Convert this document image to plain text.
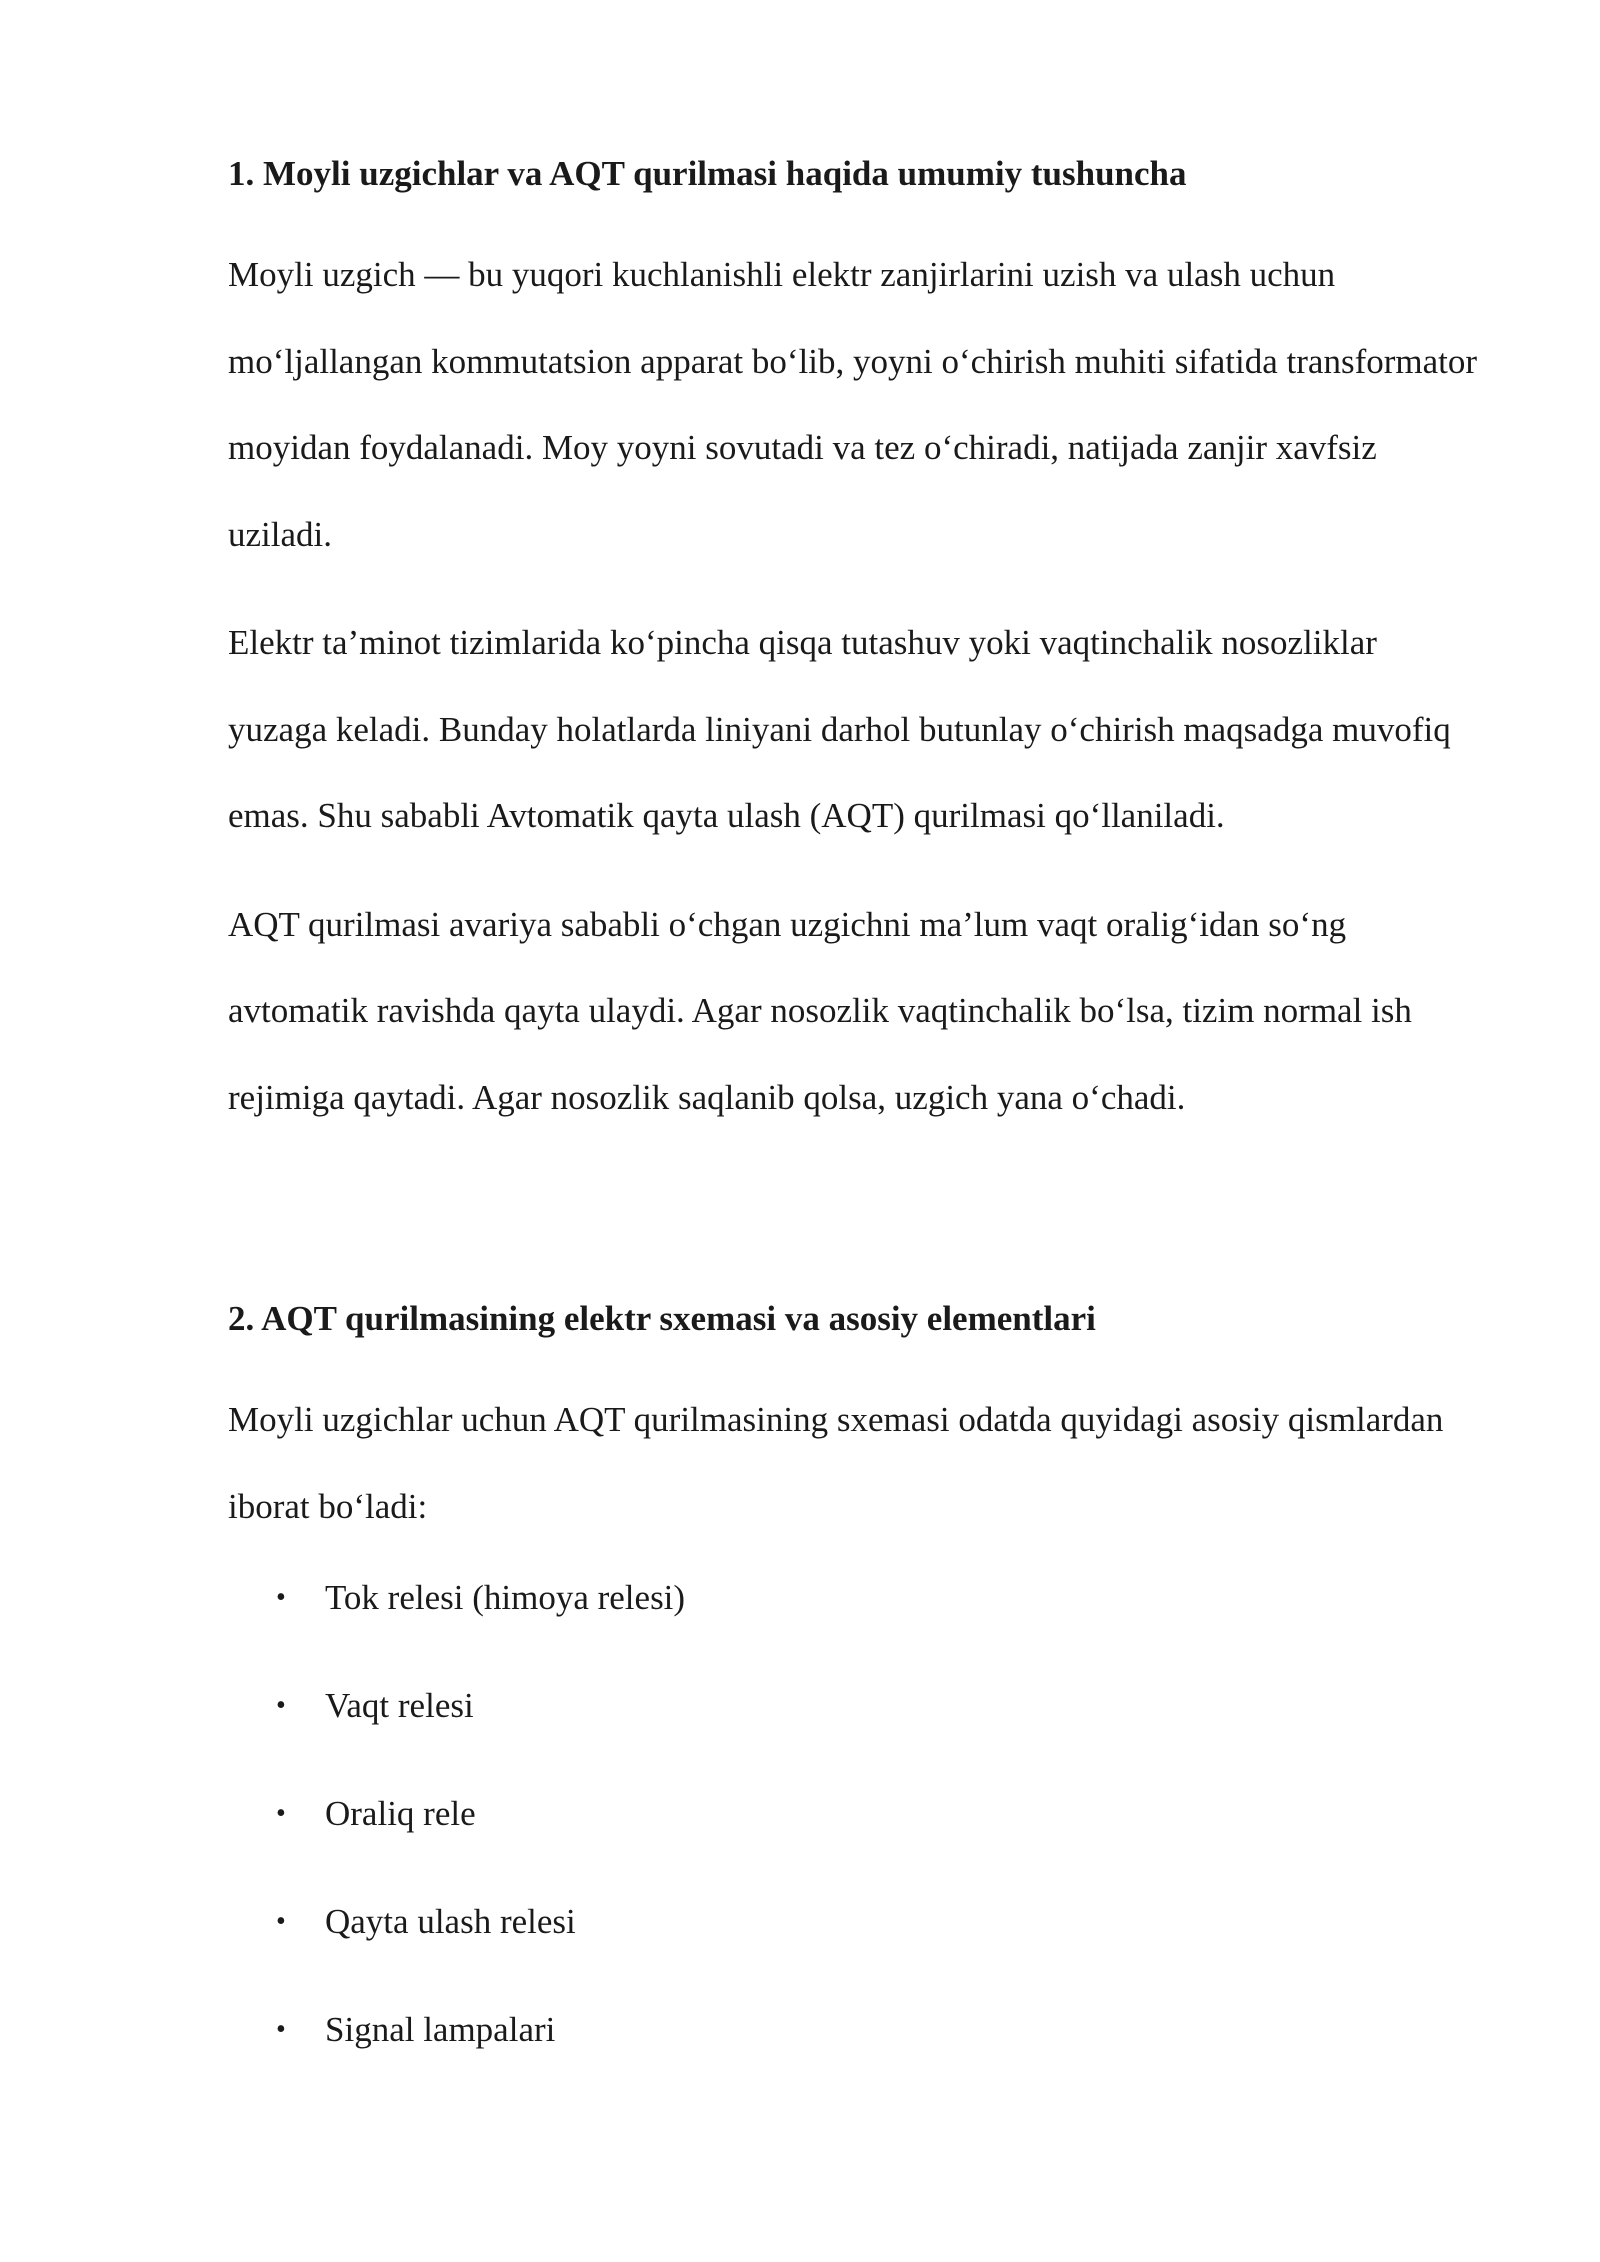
1. Moyli uzgichlar va AQT qurilmasi haqida umumiy tushuncha

Moyli uzgich — bu yuqori kuchlanishli elektr zanjirlarini uzish va ulash uchun mo‘ljallangan kommutatsion apparat bo‘lib, yoyni o‘chirish muhiti sifatida transformator moyidan foydalanadi. Moy yoyni sovutadi va tez o‘chiradi, natijada zanjir xavfsiz uziladi.

Elektr ta’minot tizimlarida ko‘pincha qisqa tutashuv yoki vaqtinchalik nosozliklar yuzaga keladi. Bunday holatlarda liniyani darhol butunlay o‘chirish maqsadga muvofiq emas. Shu sababli Avtomatik qayta ulash (AQT) qurilmasi qo‘llaniladi.

AQT qurilmasi avariya sababli o‘chgan uzgichni ma’lum vaqt oralig‘idan so‘ng avtomatik ravishda qayta ulaydi. Agar nosozlik vaqtinchalik bo‘lsa, tizim normal ish rejimiga qaytadi. Agar nosozlik saqlanib qolsa, uzgich yana o‘chadi.

2. AQT qurilmasining elektr sxemasi va asosiy elementlari

Moyli uzgichlar uchun AQT qurilmasining sxemasi odatda quyidagi asosiy qismlardan iborat bo‘ladi:

• Tok relesi (himoya relesi)
• Vaqt relesi
• Oraliq rele
• Qayta ulash relesi
• Signal lampalari
